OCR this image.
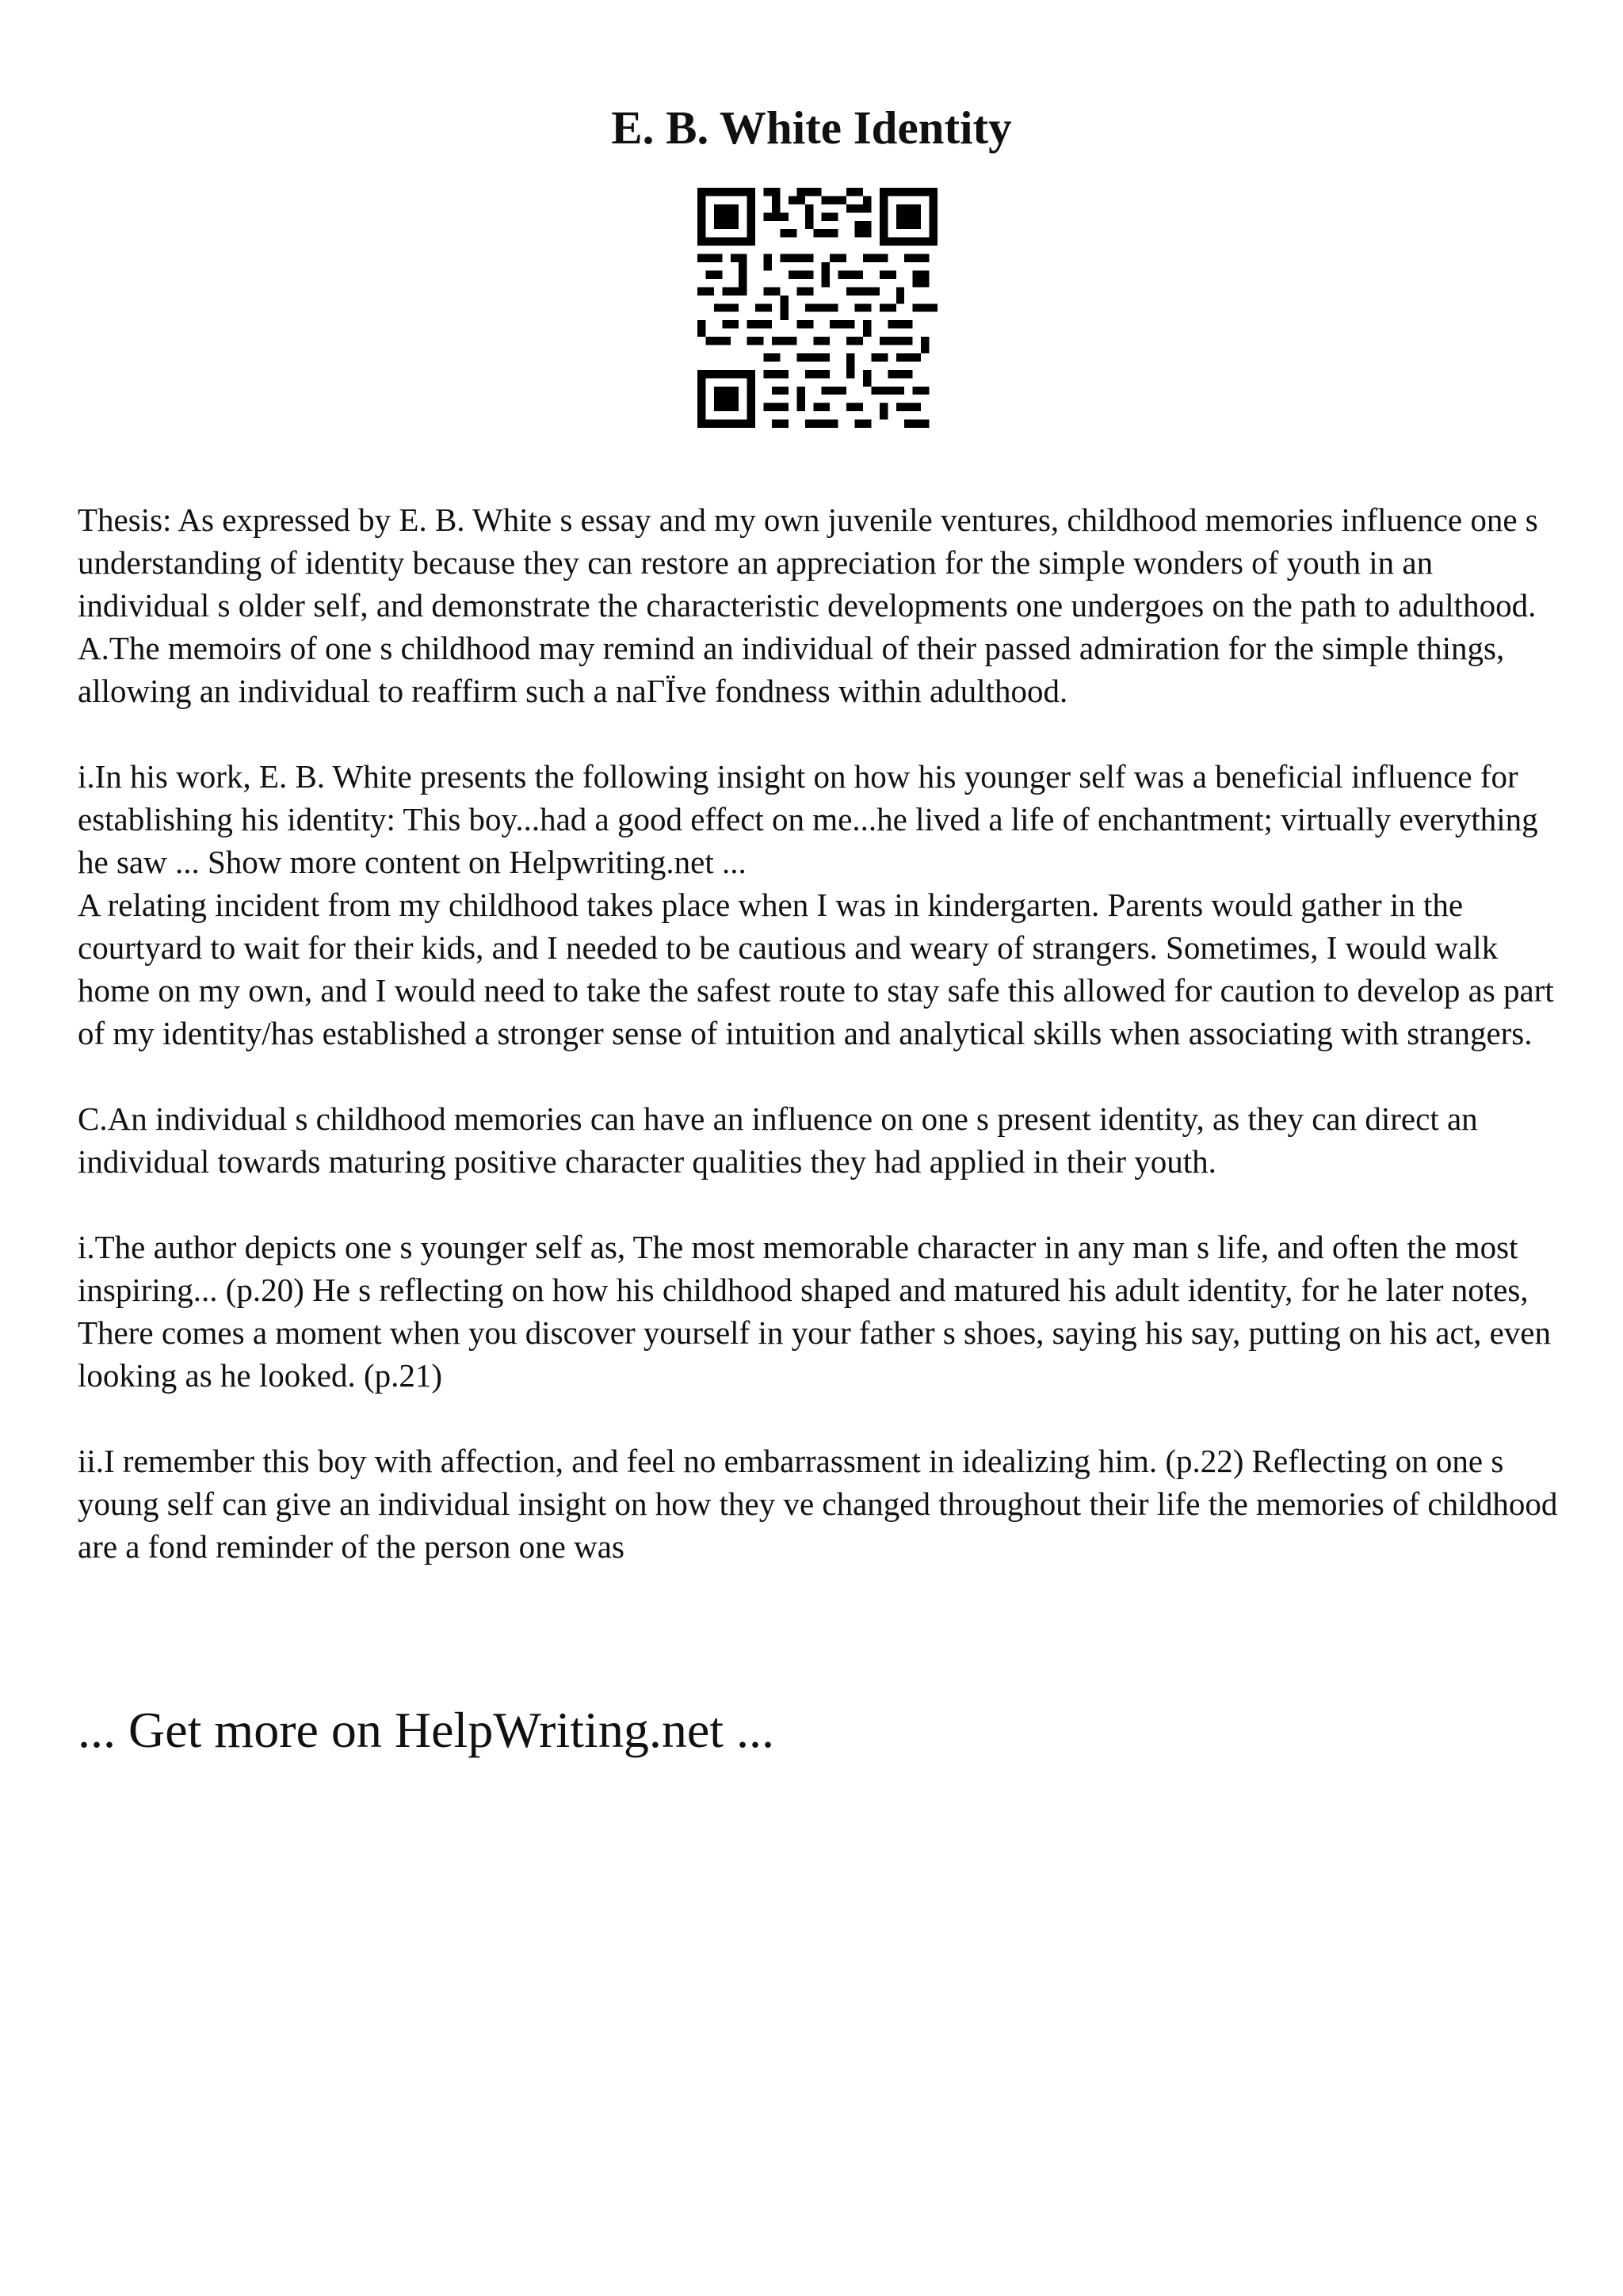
E. B. White Identity

Thesis: As expressed by E. B. White s essay and my own juvenile ventures, childhood memories influence one s understanding of identity because they can restore an appreciation for the simple wonders of youth in an individual s older self, and demonstrate the characteristic developments one undergoes on the path to adulthood.

A.The memoirs of one s childhood may remind an individual of their passed admiration for the simple things, allowing an individual to reaffirm such a naΓЇve fondness within adulthood.

i.In his work, E. B. White presents the following insight on how his younger self was a beneficial influence for establishing his identity: This boy...had a good effect on me...he lived a life of enchantment; virtually everything he saw ... Show more content on Helpwriting.net ...

A relating incident from my childhood takes place when I was in kindergarten. Parents would gather in the courtyard to wait for their kids, and I needed to be cautious and weary of strangers. Sometimes, I would walk home on my own, and I would need to take the safest route to stay safe this allowed for caution to develop as part of my identity/has established a stronger sense of intuition and analytical skills when associating with strangers.

C.An individual s childhood memories can have an influence on one s present identity, as they can direct an individual towards maturing positive character qualities they had applied in their youth.

i.The author depicts one s younger self as, The most memorable character in any man s life, and often the most inspiring... (p.20) He s reflecting on how his childhood shaped and matured his adult identity, for he later notes, There comes a moment when you discover yourself in your father s shoes, saying his say, putting on his act, even looking as he looked. (p.21)

ii.I remember this boy with affection, and feel no embarrassment in idealizing him. (p.22) Reflecting on one s young self can give an individual insight on how they ve changed throughout their life the memories of childhood are a fond reminder of the person one was

... Get more on HelpWriting.net ...
